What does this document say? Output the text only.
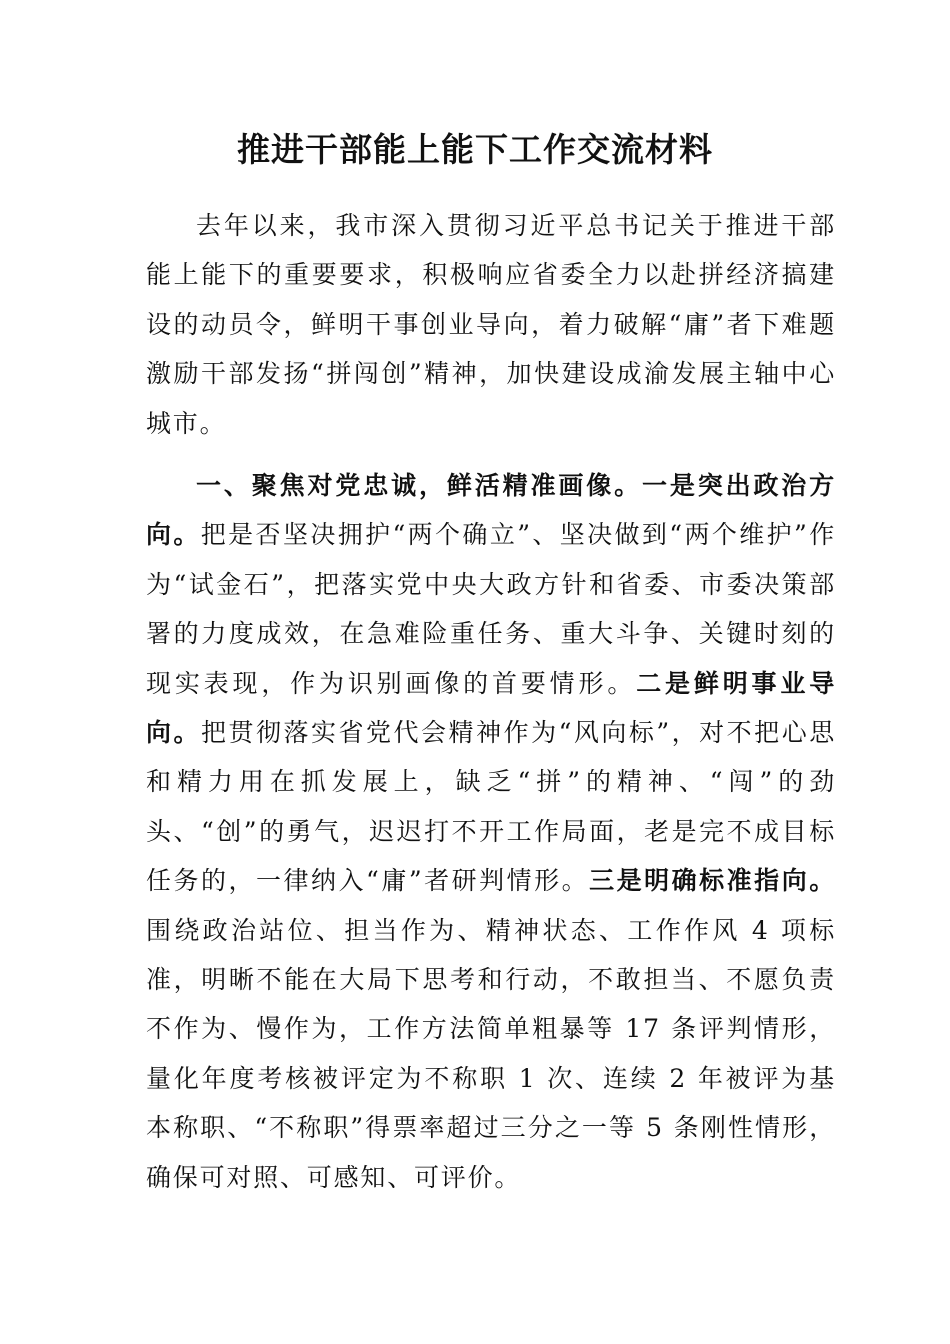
推进干部能上能下工作交流材料

去年以来，我市深入贯彻习近平总书记关于推进干部能上能下的重要要求，积极响应省委全力以赴拼经济搞建设的动员令，鲜明干事创业导向，着力破解“庸”者下难题激励干部发扬“拼闯创”精神，加快建设成渝发展主轴中心城市。

一、聚焦对党忠诚，鲜活精准画像。一是突出政治方向。把是否坚决拥护“两个确立”、坚决做到“两个维护”作为“试金石”，把落实党中央大政方针和省委、市委决策部署的力度成效，在急难险重任务、重大斗争、关键时刻的现实表现，作为识别画像的首要情形。二是鲜明事业导向。把贯彻落实省党代会精神作为“风向标”，对不把心思和精力用在抓发展上，缺乏“拼”的精神、“闯”的劲头、“创”的勇气，迟迟打不开工作局面，老是完不成目标任务的，一律纳入“庸”者研判情形。三是明确标准指向。围绕政治站位、担当作为、精神状态、工作作风 4 项标准，明晰不能在大局下思考和行动，不敢担当、不愿负责不作为、慢作为，工作方法简单粗暴等 17 条评判情形，量化年度考核被评定为不称职 1 次、连续 2 年被评为基本称职、“不称职”得票率超过三分之一等 5 条刚性情形，确保可对照、可感知、可评价。
